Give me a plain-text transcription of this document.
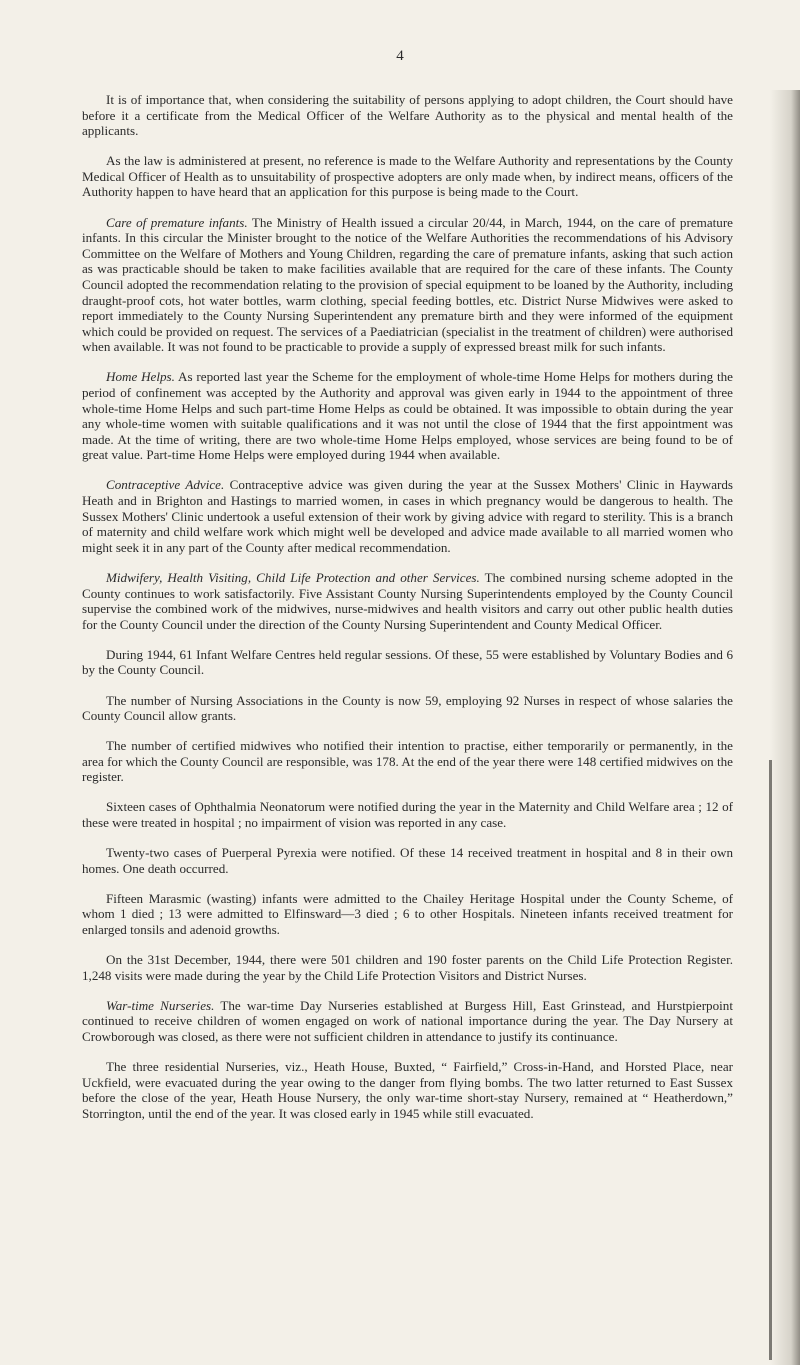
4

It is of importance that, when considering the suitability of persons applying to adopt children, the Court should have before it a certificate from the Medical Officer of the Welfare Authority as to the physical and mental health of the applicants.

As the law is administered at present, no reference is made to the Welfare Authority and representations by the County Medical Officer of Health as to unsuitability of prospective adopters are only made when, by indirect means, officers of the Authority happen to have heard that an application for this purpose is being made to the Court.

Care of premature infants. The Ministry of Health issued a circular 20/44, in March, 1944, on the care of premature infants. In this circular the Minister brought to the notice of the Welfare Authorities the recommendations of his Advisory Committee on the Welfare of Mothers and Young Children, regarding the care of premature infants, asking that such action as was practicable should be taken to make facilities available that are required for the care of these infants. The County Council adopted the recommendation relating to the provision of special equipment to be loaned by the Authority, including draught-proof cots, hot water bottles, warm clothing, special feeding bottles, etc. District Nurse Midwives were asked to report immediately to the County Nursing Superintendent any premature birth and they were informed of the equipment which could be provided on request. The services of a Paediatrician (specialist in the treatment of children) were authorised when available. It was not found to be practicable to provide a supply of expressed breast milk for such infants.

Home Helps. As reported last year the Scheme for the employment of whole-time Home Helps for mothers during the period of confinement was accepted by the Authority and approval was given early in 1944 to the appointment of three whole-time Home Helps and such part-time Home Helps as could be obtained. It was impossible to obtain during the year any whole-time women with suitable qualifications and it was not until the close of 1944 that the first appointment was made. At the time of writing, there are two whole-time Home Helps employed, whose services are being found to be of great value. Part-time Home Helps were employed during 1944 when available.

Contraceptive Advice. Contraceptive advice was given during the year at the Sussex Mothers' Clinic in Haywards Heath and in Brighton and Hastings to married women, in cases in which pregnancy would be dangerous to health. The Sussex Mothers' Clinic undertook a useful extension of their work by giving advice with regard to sterility. This is a branch of maternity and child welfare work which might well be developed and advice made available to all married women who might seek it in any part of the County after medical recommendation.

Midwifery, Health Visiting, Child Life Protection and other Services. The combined nursing scheme adopted in the County continues to work satisfactorily. Five Assistant County Nursing Superintendents employed by the County Council supervise the combined work of the midwives, nurse-midwives and health visitors and carry out other public health duties for the County Council under the direction of the County Nursing Superintendent and County Medical Officer.

During 1944, 61 Infant Welfare Centres held regular sessions. Of these, 55 were established by Voluntary Bodies and 6 by the County Council.

The number of Nursing Associations in the County is now 59, employing 92 Nurses in respect of whose salaries the County Council allow grants.

The number of certified midwives who notified their intention to practise, either temporarily or permanently, in the area for which the County Council are responsible, was 178. At the end of the year there were 148 certified midwives on the register.

Sixteen cases of Ophthalmia Neonatorum were notified during the year in the Maternity and Child Welfare area ; 12 of these were treated in hospital ; no impairment of vision was reported in any case.

Twenty-two cases of Puerperal Pyrexia were notified. Of these 14 received treatment in hospital and 8 in their own homes. One death occurred.

Fifteen Marasmic (wasting) infants were admitted to the Chailey Heritage Hospital under the County Scheme, of whom 1 died ; 13 were admitted to Elfinsward—3 died ; 6 to other Hospitals. Nineteen infants received treatment for enlarged tonsils and adenoid growths.

On the 31st December, 1944, there were 501 children and 190 foster parents on the Child Life Protection Register. 1,248 visits were made during the year by the Child Life Protection Visitors and District Nurses.

War-time Nurseries. The war-time Day Nurseries established at Burgess Hill, East Grinstead, and Hurstpierpoint continued to receive children of women engaged on work of national importance during the year. The Day Nursery at Crowborough was closed, as there were not sufficient children in attendance to justify its continuance.

The three residential Nurseries, viz., Heath House, Buxted, “ Fairfield,” Cross-in-Hand, and Horsted Place, near Uckfield, were evacuated during the year owing to the danger from flying bombs. The two latter returned to East Sussex before the close of the year, Heath House Nursery, the only war-time short-stay Nursery, remained at “ Heatherdown,” Storrington, until the end of the year. It was closed early in 1945 while still evacuated.
